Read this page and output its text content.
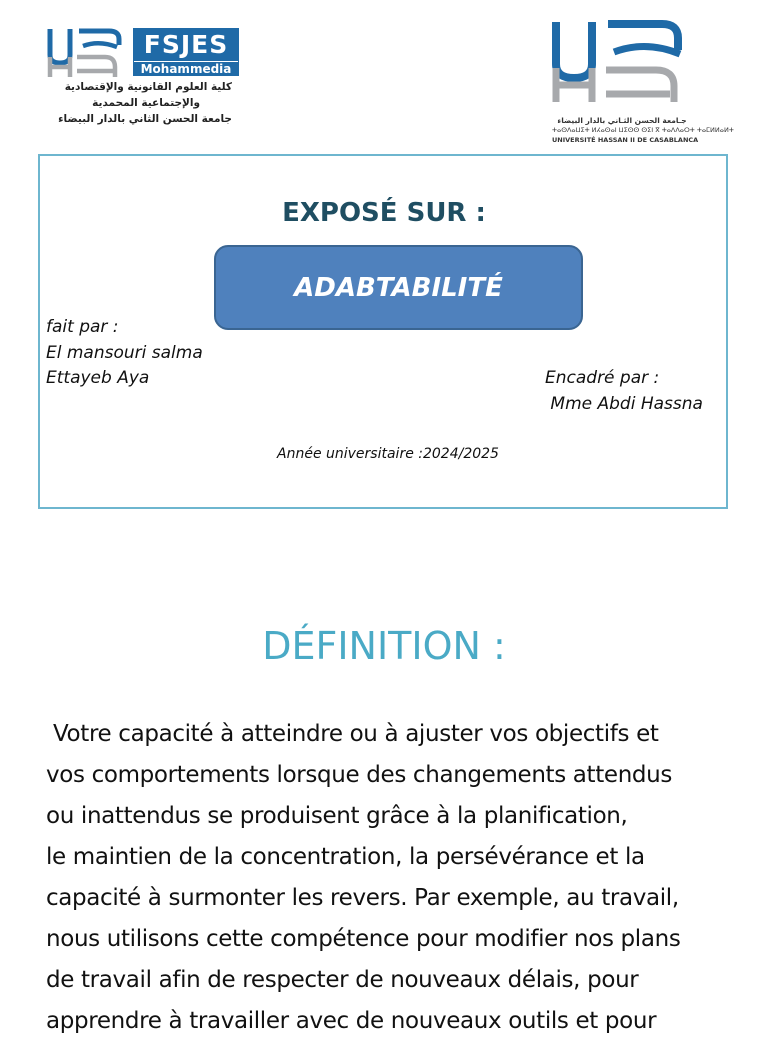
FSJES
Mohammedia
كلية العلوم القانونية والإقتصادية
والإجتماعية المحمدية
جامعة الحسن الثاني بالدار البيضاء	جـامعة الحسن الثـاني بالدار البيضاء
ⵜⴰⵙⴷⴰⵡⵉⵜ ⵍⵃⴰⵙⴰⵏ ⵡⵉⵙⵙ ⵙⵉⵏ ⴳ ⵜⴰⴷⴷⴰⵔⵜ ⵜⴰⵎⵍⵍⴰⵍⵜ
UNIVERSITÉ HASSAN II DE CASABLANCA
EXPOSÉ SUR :
ADABTABILITÉ
fait par :
El mansouri salma
Ettayeb Aya	Encadré par :
Mme Abdi Hassna
Année universitaire :2024/2025
DÉFINITION :
Votre capacité à atteindre ou à ajuster vos objectifs et
vos comportements lorsque des changements attendus
ou inattendus se produisent grâce à la planification,
le maintien de la concentration, la persévérance et la
capacité à surmonter les revers. Par exemple, au travail,
nous utilisons cette compétence pour modifier nos plans
de travail afin de respecter de nouveaux délais, pour
apprendre à travailler avec de nouveaux outils et pour
